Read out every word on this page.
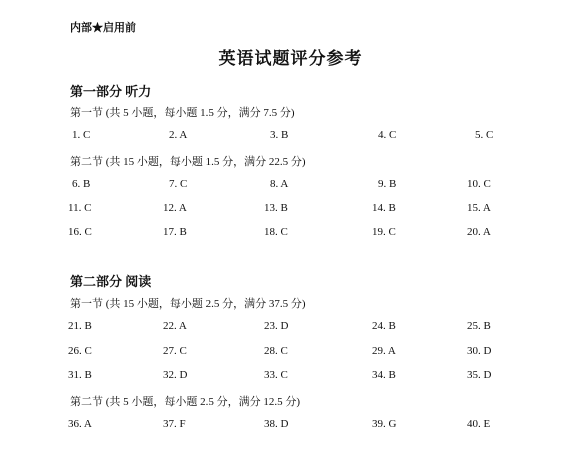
内部★启用前
英语试题评分参考
第一部分 听力
第一节 (共 5 小题，每小题 1.5 分，满分 7.5 分)
1. C	2. A	3. B	4. C	5. C
第二节 (共 15 小题，每小题 1.5 分，满分 22.5 分)
6. B	7. C	8. A	9. B	10. C
11. C	12. A	13. B	14. B	15. A
16. C	17. B	18. C	19. C	20. A
第二部分 阅读
第一节 (共 15 小题，每小题 2.5 分，满分 37.5 分)
21. B	22. A	23. D	24. B	25. B
26. C	27. C	28. C	29. A	30. D
31. B	32. D	33. C	34. B	35. D
第二节 (共 5 小题，每小题 2.5 分，满分 12.5 分)
36. A	37. F	38. D	39. G	40. E
